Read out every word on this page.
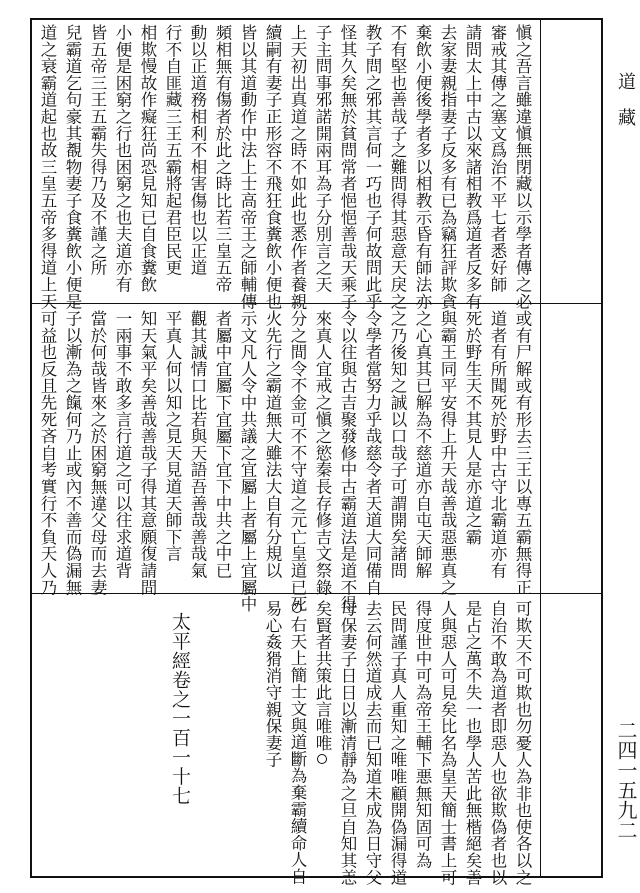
道　藏
二四一五九二
愼之吾言雖違愼無閉藏以示學者傳之必
審戒其傳之塞文爲治不平七者悉好師
請問太上中古以來諸相教爲道者反多有
去家妻親指妻子反多有已為竊狂評欺貪
棄飲小便後學者多以相教示昏有師法亦
不有堅也善哉子之難問得其惡意天戾之
教子問之邪其言何一巧也子何故問此乎
怪其久矣無於貧問常者悒悒善哉天乘子
子主問事邪諾開兩耳為子分別言之天
上天初出真道之時不如此也悉作者養親
續嗣有妻子正形容不飛狂食糞飲小便也
皆以其道動作中法上士高帝王之師輔傳
頻相無有傷者於此之時比若三皇五帝
動以正道務相利不相害傷也以正道
行不自匪藏三王五霸將起君臣民更
相欺慢故作癡狂尚恐見知已自食糞飲
小便是困窮之行也困窮之也夫道亦有
皆五帝三王五霸失得乃及不謹之所
兒霸道乞句豪其覩物妻子食糞飲小便是
道之衰霸道起也故三皇五帝多得道上天
或有尸解或有形去三王以專五霸無得正
道者有所聞死於野中古守北霸道亦有
死於野生天不其見人是亦道之霸
與霸王同平安得上升天哉善哉惡悪真之
之心真其已解為不慈道亦自屯天師解
之乃後知之誠以口哉子可謂開矣諸問
令學者當努力乎哉慈令者天道大同備自
令以往與古吉聚發修中古霸道法是道不得
來真人宜戒之愼之慾秦長存修吉文祭錄
分之間令不金可不不守道之元亡皇道已死
火先行之霸道無大雖法大自有分規以
示文凡人令中共議之宜屬上者屬上宜屬中
者屬中宜屬下宜屬下宜下中共之中已
觀其誠情口比若與天語吾善哉善哉氣
平真人何以知之見天見道天師下言
知天氣平矣善哉善哉子得其意願復請問
一兩事不敢多言行道之可以往求道背
當於何哉皆來之於困窮無違父母而去妻
子以漸為之餼何乃止或內不善而偽漏無
可益也反且先死吝自考實行不負天人乃
可欺天不可欺也勿憂人為非也使各以之
自治不敢為道者即惡人也欲欺偽者也以
是占之萬不失一也學人苦此無楷絕矣善
人與惡人可見矣比名為皇天簡士書上可
得度世中可為帝王輔下悪無知固可為
民問謹子真人重知之唯唯顧開偽漏得道
去云何然道成去而已知道未成為日守父
母保妻子日日以漸清靜為之旦自知其恙
矣賢者共策此言唯唯
右天上簡士文與道斷為棄霸續命人自
易心姦猾消守親保妻子
太平經卷之一百一十七
